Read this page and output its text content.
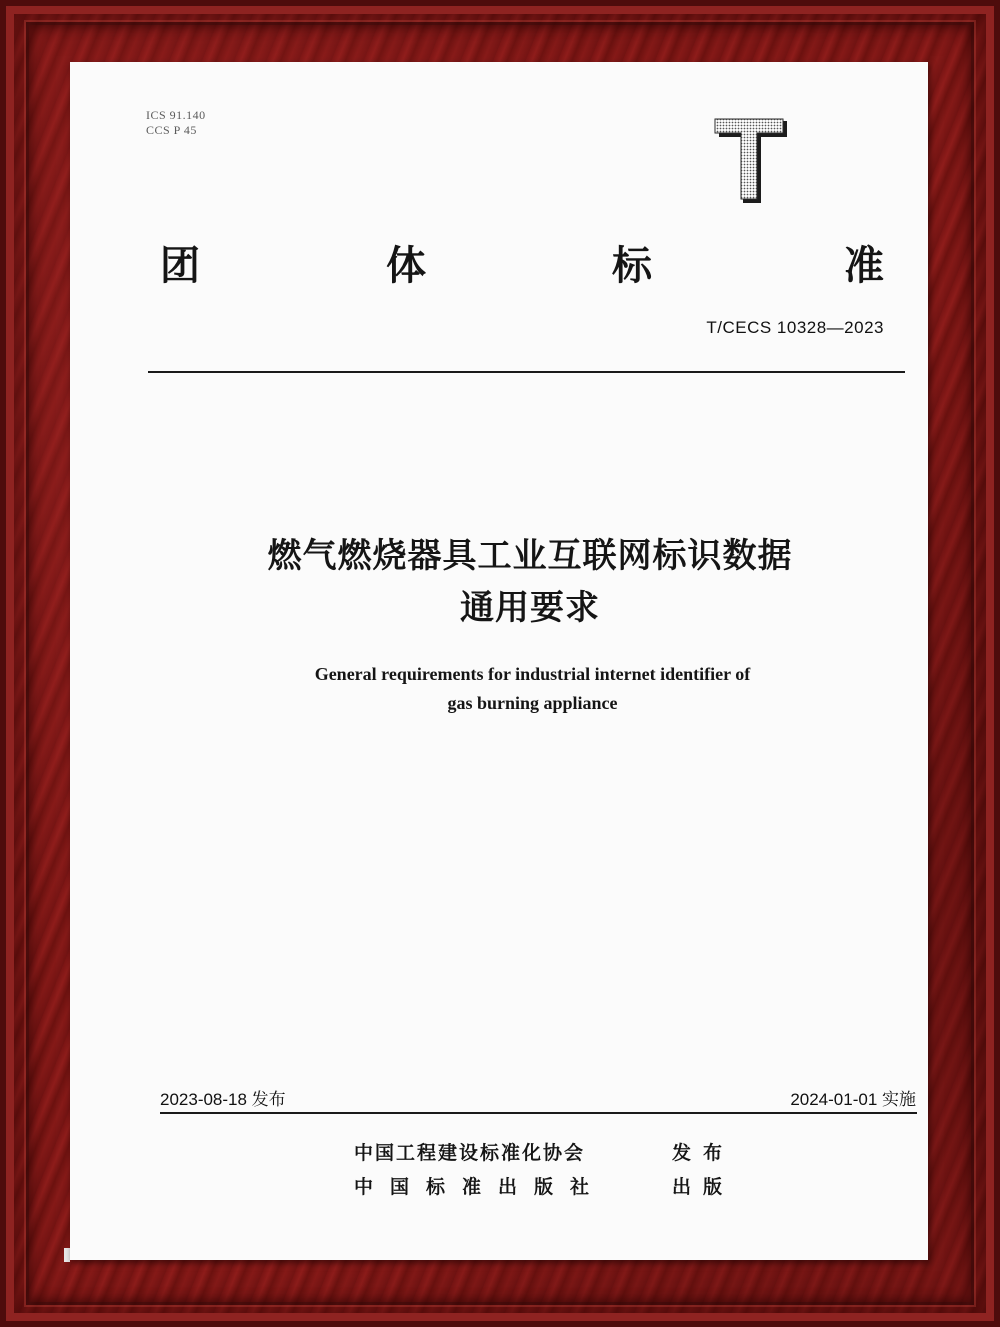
ICS 91.140
CCS P 45
团	体	标	准
T/CECS 10328—2023
燃气燃烧器具工业互联网标识数据
通用要求
General requirements for industrial internet identifier of
gas burning appliance
2023-08-18 发布	2024-01-01 实施
中国工程建设标准化协会	发布
中国标准出版社	出版
